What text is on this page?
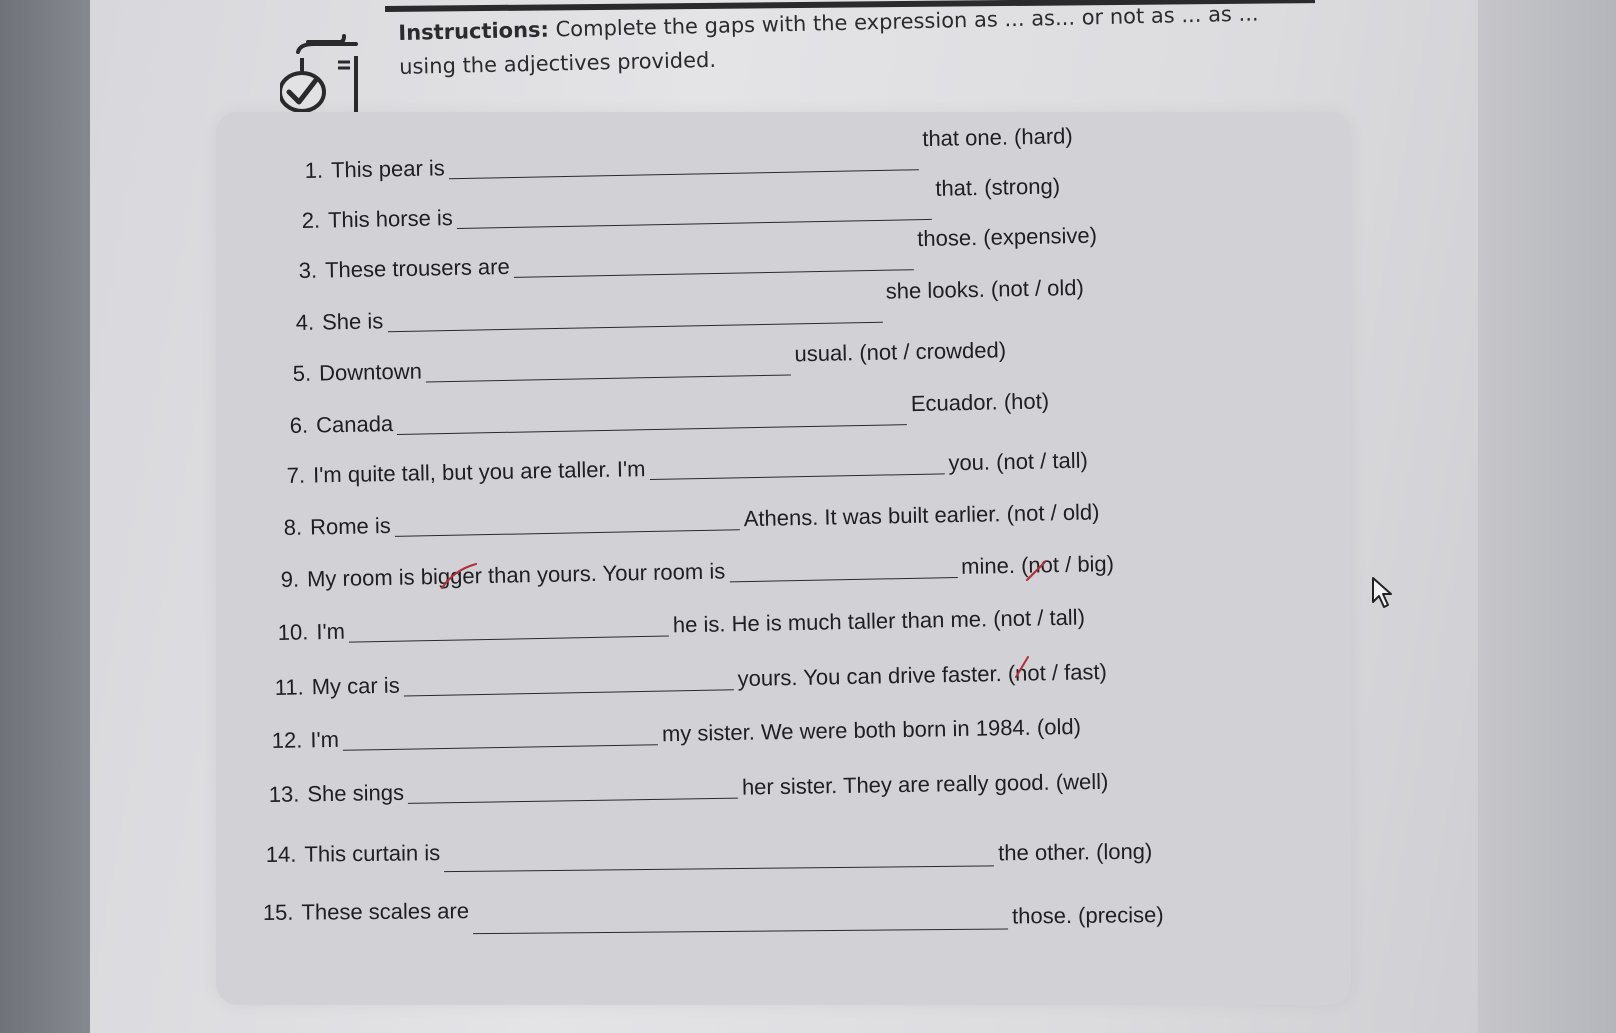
Instructions: Complete the gaps with the expression as ... as... or not as ... as ...
using the adjectives provided.
1. This pear is
that one. (hard)
2. This horse is
that. (strong)
3. These trousers are
those. (expensive)
4. She is
she looks. (not / old)
5. Downtown
usual. (not / crowded)
6. Canada
Ecuador. (hot)
7. I'm quite tall, but you are taller. I'm	you. (not / tall)
8. Rome is	Athens. It was built earlier. (not / old)
9. My room is bigger than yours. Your room is	mine. (not / big)
10. I'm	he is. He is much taller than me. (not / tall)
11. My car is	yours. You can drive faster. (not / fast)
12. I'm	my sister. We were both born in 1984. (old)
13. She sings	her sister. They are really good. (well)
14. This curtain is	the other. (long)
15. These scales are	those. (precise)
